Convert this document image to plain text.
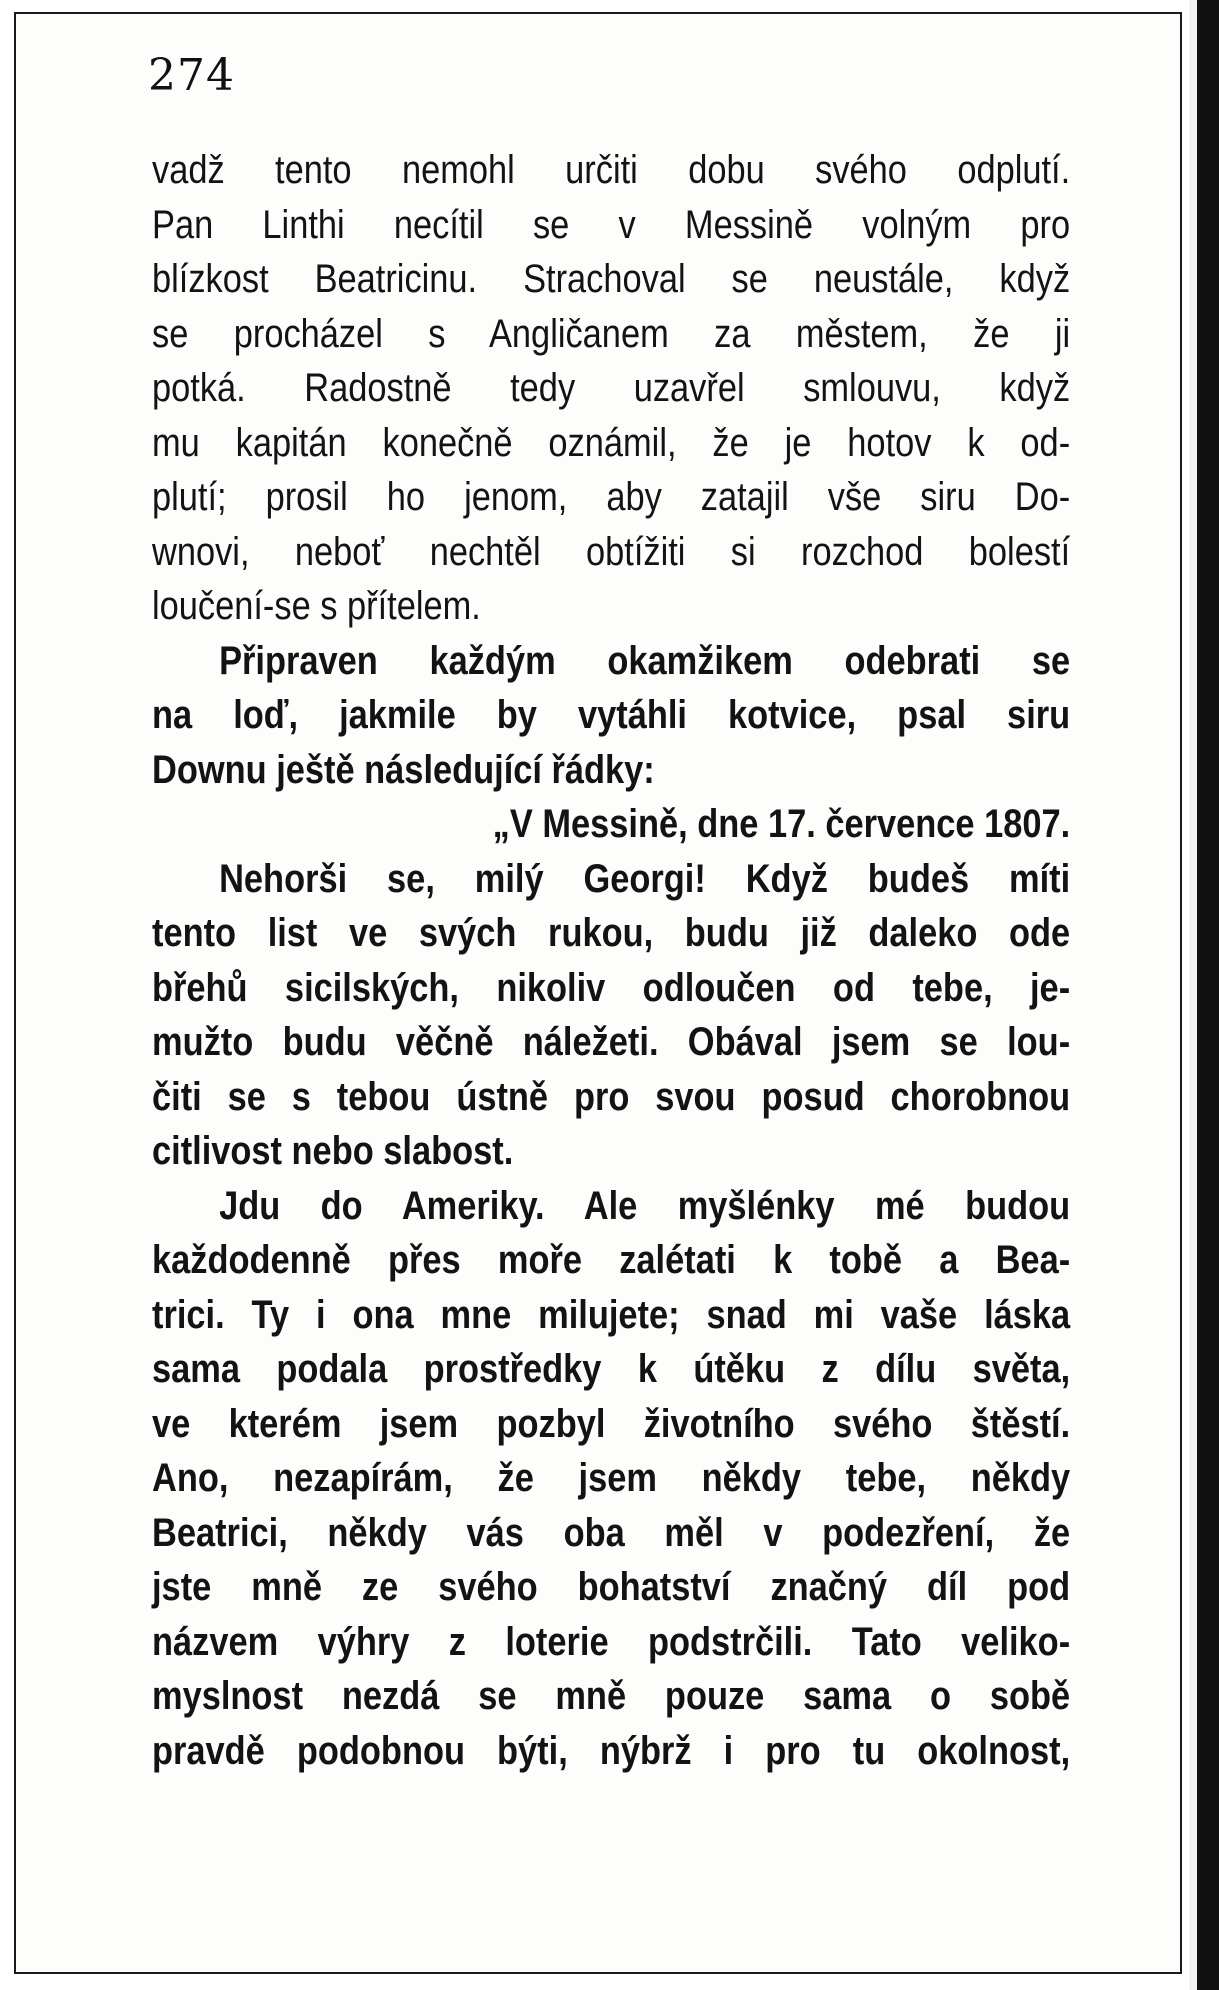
274
vadž tento nemohl určiti dobu svého odplutí.
Pan Linthi necítil se v Messině volným pro
blízkost Beatricinu. Strachoval se neustále, když
se procházel s Angličanem za městem, že ji
potká. Radostně tedy uzavřel smlouvu, když
mu kapitán konečně oznámil, že je hotov k od-
plutí; prosil ho jenom, aby zatajil vše siru Do-
wnovi, neboť nechtěl obtížiti si rozchod bolestí
loučení-se s přítelem.
Připraven každým okamžikem odebrati se
na loď, jakmile by vytáhli kotvice, psal siru
Downu ještě následující řádky:
„V Messině, dne 17. července 1807.
Nehorši se, milý Georgi! Když budeš míti
tento list ve svých rukou, budu již daleko ode
břehů sicilských, nikoliv odloučen od tebe, je-
mužto budu věčně náležeti. Obával jsem se lou-
čiti se s tebou ústně pro svou posud chorobnou
citlivost nebo slabost.
Jdu do Ameriky. Ale myšlénky mé budou
každodenně přes moře zalétati k tobě a Bea-
trici. Ty i ona mne milujete; snad mi vaše láska
sama podala prostředky k útěku z dílu světa,
ve kterém jsem pozbyl životního svého štěstí.
Ano, nezapírám, že jsem někdy tebe, někdy
Beatrici, někdy vás oba měl v podezření, že
jste mně ze svého bohatství značný díl pod
názvem výhry z loterie podstrčili. Tato veliko-
myslnost nezdá se mně pouze sama o sobě
pravdě podobnou býti, nýbrž i pro tu okolnost,
